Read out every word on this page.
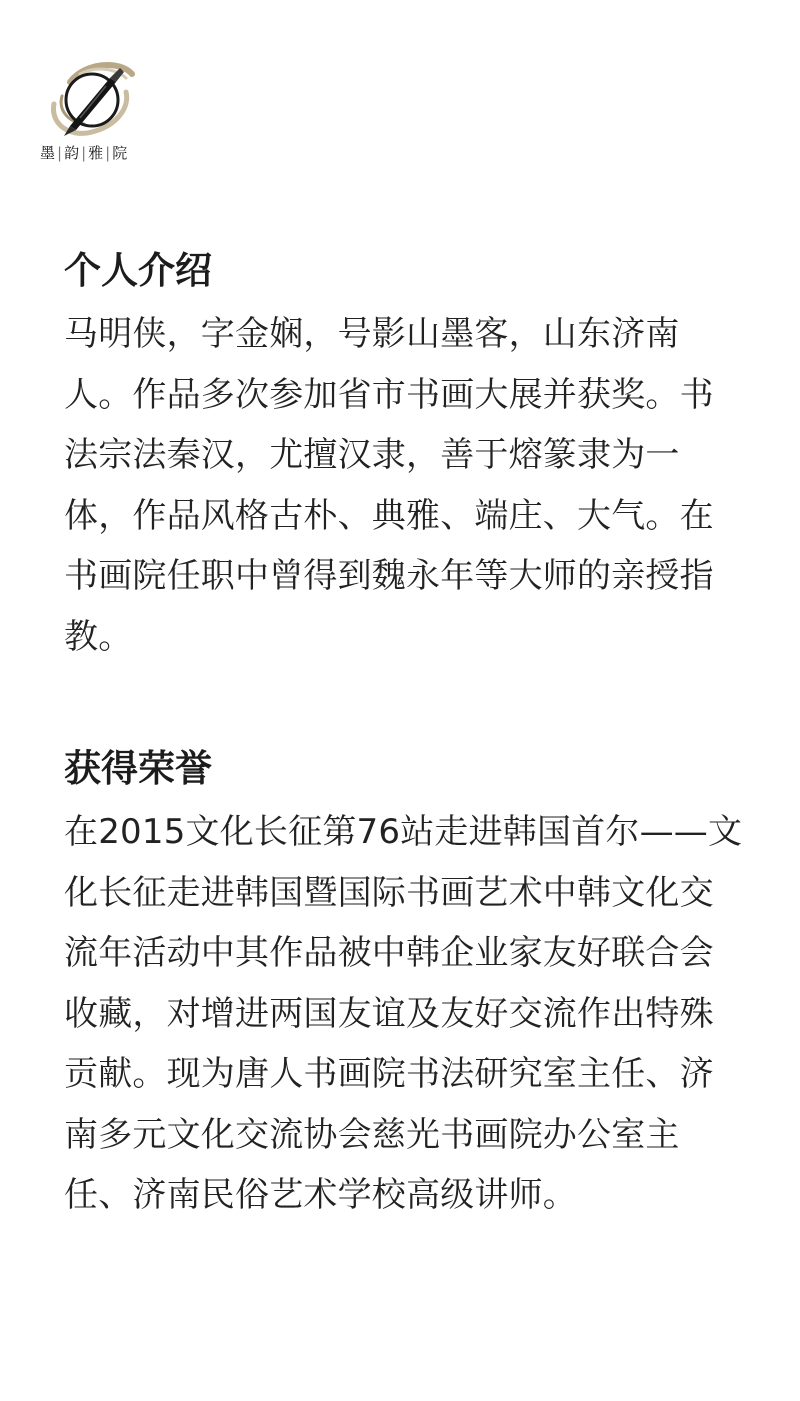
墨|韵|雅|院
个人介绍

马明侠，字金娴，号影山墨客，山东济南人。作品多次参加省市书画大展并获奖。书法宗法秦汉，尤擅汉隶，善于熔篆隶为一体，作品风格古朴、典雅、端庄、大气。在书画院任职中曾得到魏永年等大师的亲授指教。

获得荣誉

在2015文化长征第76站走进韩国首尔——文化长征走进韩国暨国际书画艺术中韩文化交流年活动中其作品被中韩企业家友好联合会收藏，对增进两国友谊及友好交流作出特殊贡献。现为唐人书画院书法研究室主任、济南多元文化交流协会慈光书画院办公室主任、济南民俗艺术学校高级讲师。
